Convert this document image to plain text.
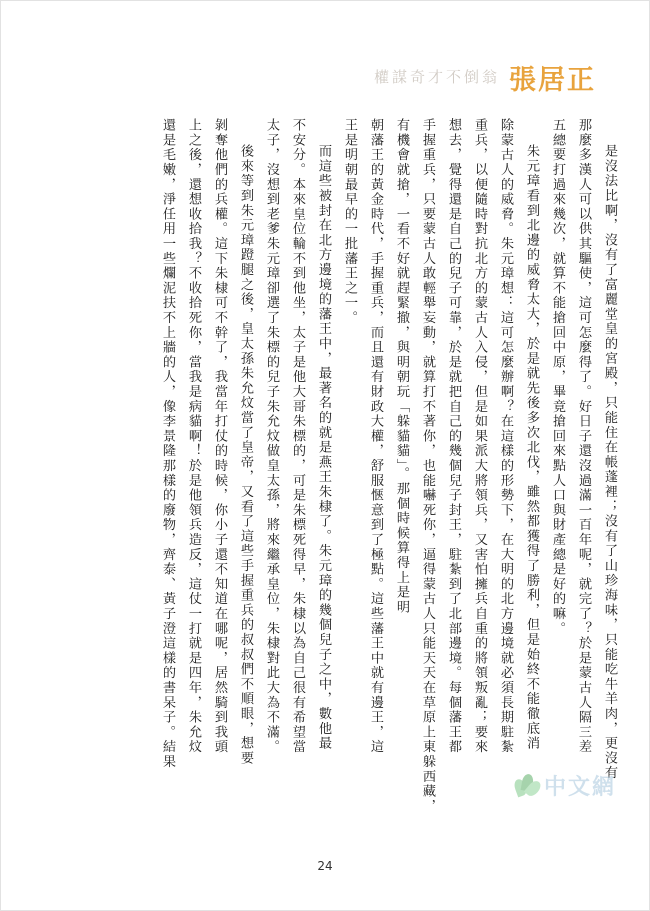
權謀奇才不倒翁 張居正
是沒法比啊，沒有了富麗堂皇的宮殿，只能住在帳蓬裡；沒有了山珍海味，只能吃牛羊肉，更沒有
那麼多漢人可以供其驅使，這可怎麼得了。好日子還沒過滿一百年呢，就完了？於是蒙古人隔三差
五總要打過來幾次，就算不能搶回中原，畢竟搶回來點人口與財產總是好的嘛。
朱元璋看到北邊的威脅太大，於是就先後多次北伐，雖然都獲得了勝利，但是始終不能徹底消
除蒙古人的威脅。朱元璋想：這可怎麼辦啊？在這樣的形勢下，在大明的北方邊境就必須長期駐紮
重兵，以便隨時對抗北方的蒙古人入侵，但是如果派大將領兵，又害怕擁兵自重的將領叛亂；要來
想去，覺得還是自己的兒子可靠，於是就把自己的幾個兒子封王，駐紮到了北部邊境。每個藩王都
手握重兵，只要蒙古人敢輕舉妄動，就算打不著你，也能嚇死你，逼得蒙古人只能天天在草原上東躲西藏，有機會就搶，一看不好就趕緊撤，與明朝玩「躲貓貓」。那個時候算得上是明
朝藩王的黃金時代，手握重兵，而且還有財政大權，舒服愜意到了極點。這些藩王中就有邊王，這
王是明朝最早的一批藩王之一。
而這些被封在北方邊境的藩王中，最著名的就是燕王朱棣了。朱元璋的幾個兒子之中，數他最
不安分。本來皇位輪不到他坐，太子是他大哥朱標的，可是朱標死得早，朱棣以為自己很有希望當
太子，沒想到老爹朱元璋卻選了朱標的兒子朱允炆做皇太孫，將來繼承皇位，朱棣對此大為不滿。
後來等到朱元璋蹬腿之後，皇太孫朱允炆當了皇帝，又看了這些手握重兵的叔叔們不順眼，想要
剝奪他們的兵權。這下朱棣可不幹了，我當年打仗的時候，你小子還不知道在哪呢，居然騎到我頭
上之後，還想收拾我？不收拾死你，當我是病貓啊！於是他領兵造反，這仗一打就是四年，朱允炆
還是毛嫩，淨任用一些爛泥扶不上牆的人，像李景隆那樣的廢物，齊泰、黃子澄這樣的書呆子。結果
中文網
24
